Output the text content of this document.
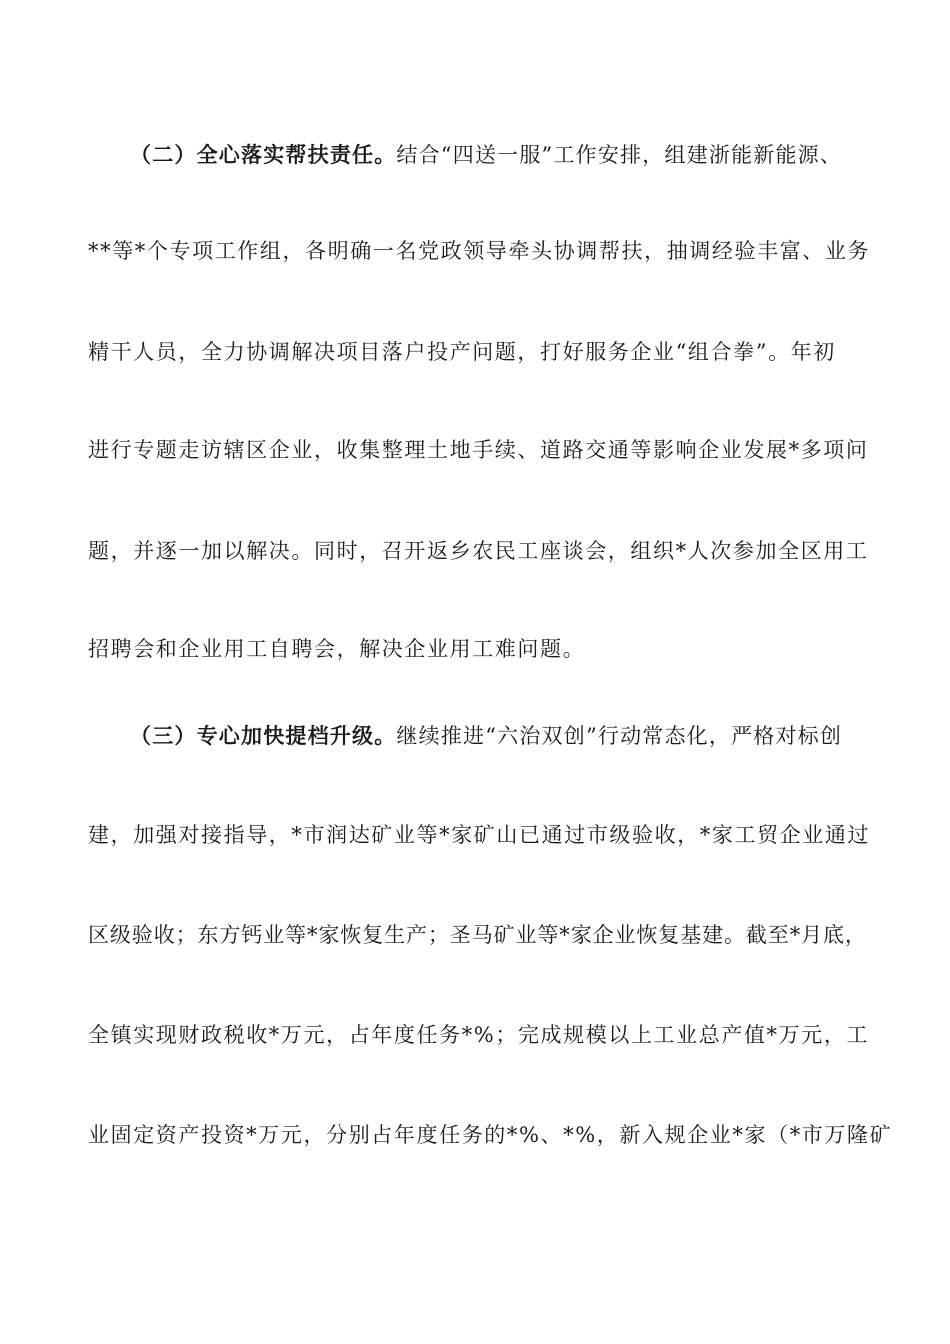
（二）全心落实帮扶责任。结合“四送一服”工作安排，组建浙能新能源、
**等*个专项工作组，各明确一名党政领导牵头协调帮扶，抽调经验丰富、业务
精干人员，全力协调解决项目落户投产问题，打好服务企业“组合拳”。年初
进行专题走访辖区企业，收集整理土地手续、道路交通等影响企业发展*多项问
题，并逐一加以解决。同时，召开返乡农民工座谈会，组织*人次参加全区用工
招聘会和企业用工自聘会，解决企业用工难问题。
（三）专心加快提档升级。继续推进“六治双创”行动常态化，严格对标创
建，加强对接指导，*市润达矿业等*家矿山已通过市级验收，*家工贸企业通过
区级验收；东方钙业等*家恢复生产；圣马矿业等*家企业恢复基建。截至*月底，
全镇实现财政税收*万元，占年度任务*%；完成规模以上工业总产值*万元，工
业固定资产投资*万元，分别占年度任务的*%、*%，新入规企业*家（*市万隆矿
